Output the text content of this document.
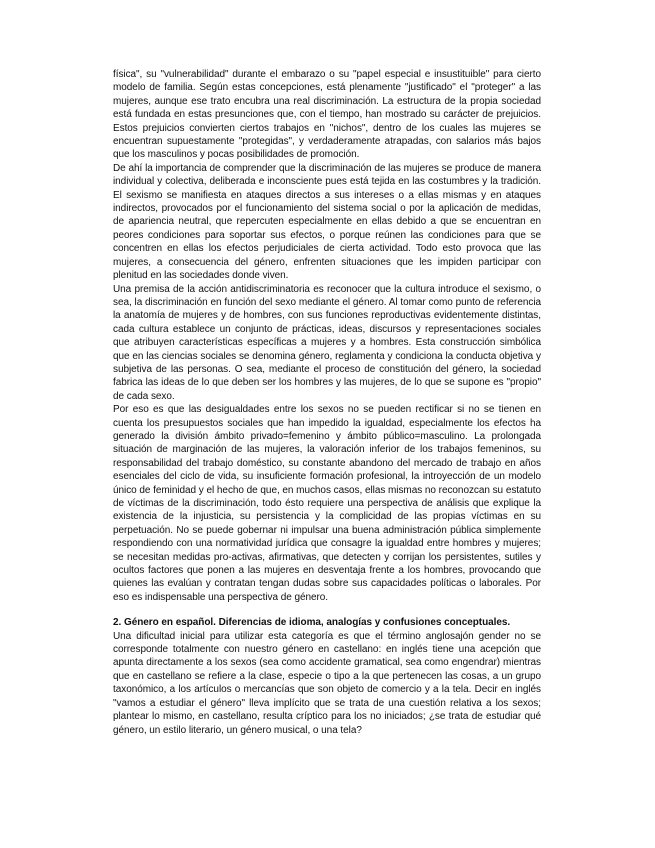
física", su "vulnerabilidad" durante el embarazo o su "papel especial e insustituible" para cierto modelo de familia. Según estas concepciones, está plenamente "justificado" el "proteger" a las mujeres, aunque ese trato encubra una real discriminación. La estructura de la propia sociedad está fundada en estas presunciones que, con el tiempo, han mostrado su carácter de prejuicios. Estos prejuicios convierten ciertos trabajos en "nichos", dentro de los cuales las mujeres se encuentran supuestamente "protegidas", y verdaderamente atrapadas, con salarios más bajos que los masculinos y pocas posibilidades de promoción.

De ahí la importancia de comprender que la discriminación de las mujeres se produce de manera individual y colectiva, deliberada e inconsciente pues está tejida en las costumbres y la tradición. El sexismo se manifiesta en ataques directos a sus intereses o a ellas mismas y en ataques indirectos, provocados por el funcionamiento del sistema social o por la aplicación de medidas, de apariencia neutral, que repercuten especialmente en ellas debido a que se encuentran en peores condiciones para soportar sus efectos, o porque reúnen las condiciones para que se concentren en ellas los efectos perjudiciales de cierta actividad. Todo esto provoca que las mujeres, a consecuencia del género, enfrenten situaciones que les impiden participar con plenitud en las sociedades donde viven.

Una premisa de la acción antidiscriminatoria es reconocer que la cultura introduce el sexismo, o sea, la discriminación en función del sexo mediante el género. Al tomar como punto de referencia la anatomía de mujeres y de hombres, con sus funciones reproductivas evidentemente distintas, cada cultura establece un conjunto de prácticas, ideas, discursos y representaciones sociales que atribuyen características específicas a mujeres y a hombres. Esta construcción simbólica que en las ciencias sociales se denomina género, reglamenta y condiciona la conducta objetiva y subjetiva de las personas. O sea, mediante el proceso de constitución del género, la sociedad fabrica las ideas de lo que deben ser los hombres y las mujeres, de lo que se supone es "propio" de cada sexo.

Por eso es que las desigualdades entre los sexos no se pueden rectificar si no se tienen en cuenta los presupuestos sociales que han impedido la igualdad, especialmente los efectos ha generado la división ámbito privado=femenino y ámbito público=masculino. La prolongada situación de marginación de las mujeres, la valoración inferior de los trabajos femeninos, su responsabilidad del trabajo doméstico, su constante abandono del mercado de trabajo en años esenciales del ciclo de vida, su insuficiente formación profesional, la introyección de un modelo único de feminidad y el hecho de que, en muchos casos, ellas mismas no reconozcan su estatuto de víctimas de la discriminación, todo ésto requiere una perspectiva de análisis que explique la existencia de la injusticia, su persistencia y la complicidad de las propias víctimas en su perpetuación. No se puede gobernar ni impulsar una buena administración pública simplemente respondiendo con una normatividad jurídica que consagre la igualdad entre hombres y mujeres; se necesitan medidas pro-activas, afirmativas, que detecten y corrijan los persistentes, sutiles y ocultos factores que ponen a las mujeres en desventaja frente a los hombres, provocando que quienes las evalúan y contratan tengan dudas sobre sus capacidades políticas o laborales. Por eso es indispensable una perspectiva de género.

2. Género en español. Diferencias de idioma, analogías y confusiones conceptuales.

Una dificultad inicial para utilizar esta categoría es que el término anglosajón gender no se corresponde totalmente con nuestro género en castellano: en inglés tiene una acepción que apunta directamente a los sexos (sea como accidente gramatical, sea como engendrar) mientras que en castellano se refiere a la clase, especie o tipo a la que pertenecen las cosas, a un grupo taxonómico, a los artículos o mercancías que son objeto de comercio y a la tela. Decir en inglés "vamos a estudiar el género" lleva implícito que se trata de una cuestión relativa a los sexos; plantear lo mismo, en castellano, resulta críptico para los no iniciados; ¿se trata de estudiar qué género, un estilo literario, un género musical, o una tela?
